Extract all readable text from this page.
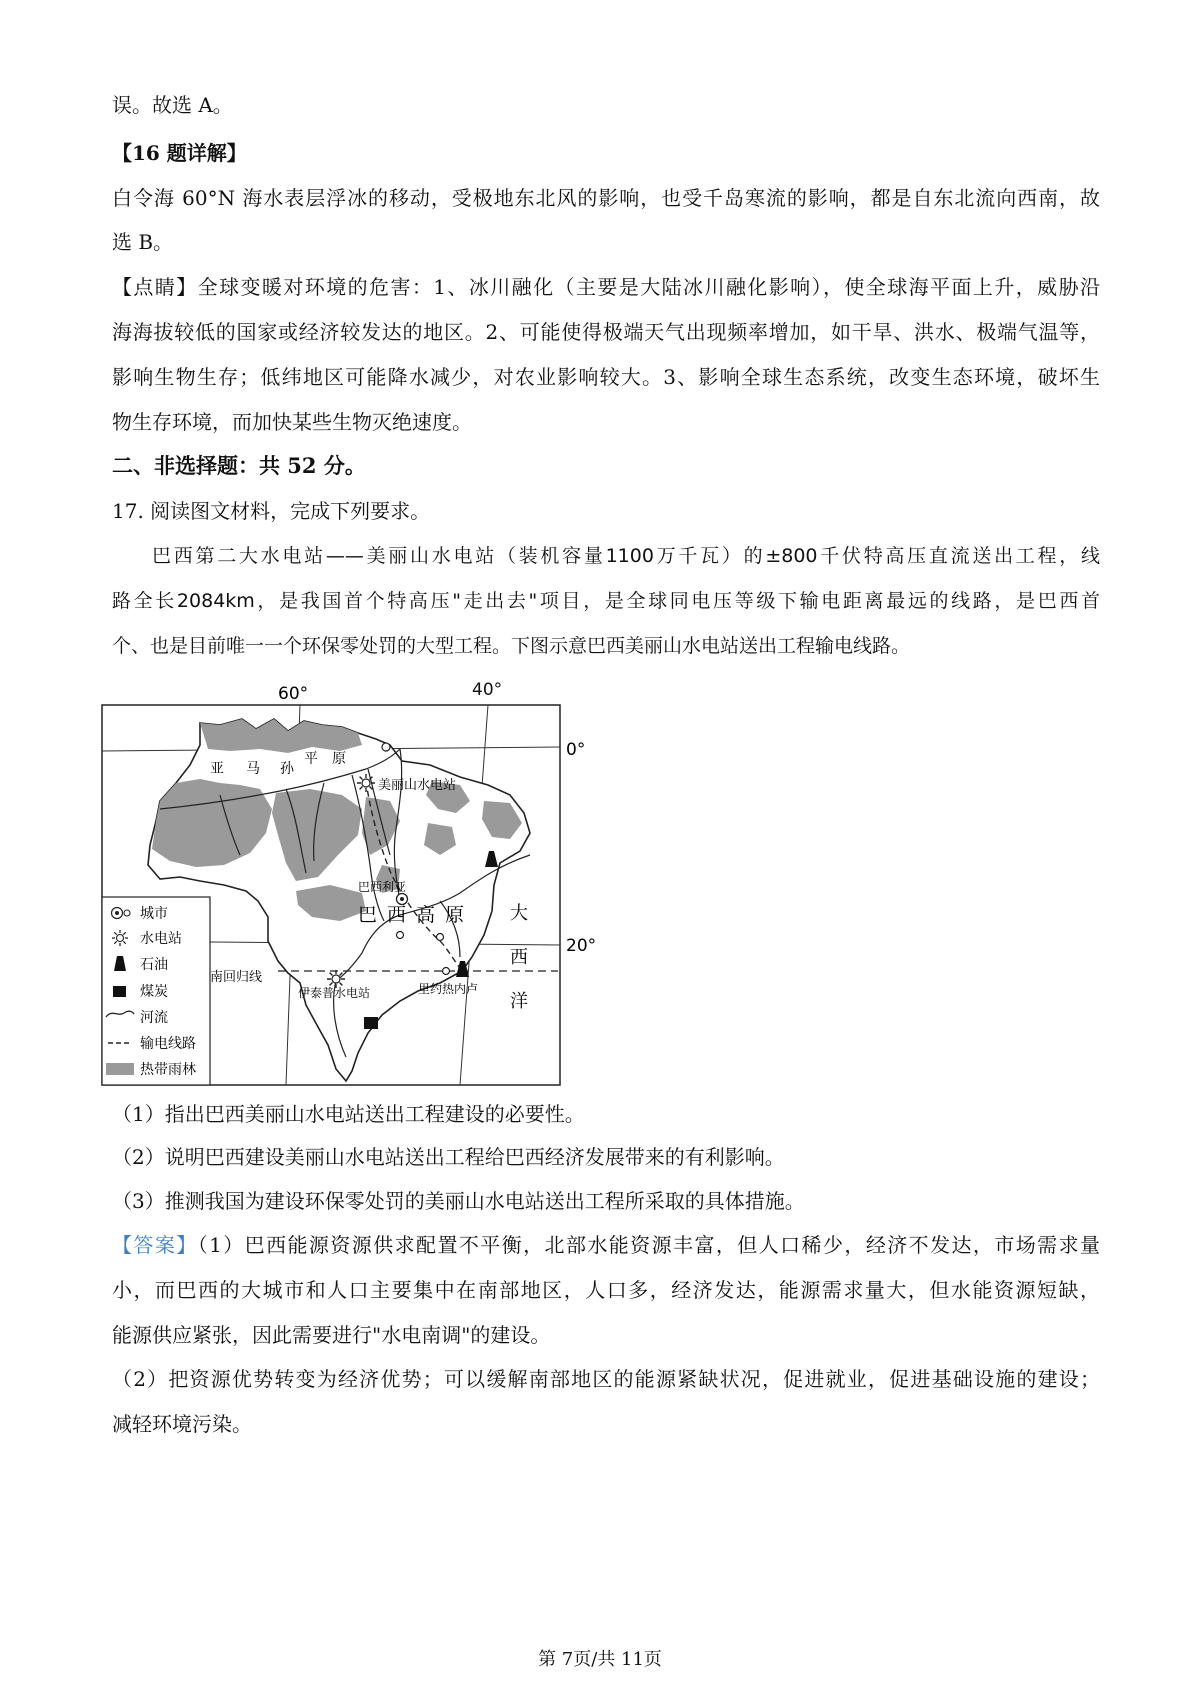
误。故选 A。
【16 题详解】
白令海 60°N 海水表层浮冰的移动，受极地东北风的影响，也受千岛寒流的影响，都是自东北流向西南，故
选 B。
【点睛】全球变暖对环境的危害：1、冰川融化（主要是大陆冰川融化影响），使全球海平面上升，威胁沿
海海拔较低的国家或经济较发达的地区。2、可能使得极端天气出现频率增加，如干旱、洪水、极端气温等，
影响生物生存；低纬地区可能降水减少，对农业影响较大。3、影响全球生态系统，改变生态环境，破坏生
物生存环境，而加快某些生物灭绝速度。
二、非选择题：共 52 分。
17. 阅读图文材料，完成下列要求。
巴西第二大水电站——美丽山水电站（装机容量1100万千瓦）的±800千伏特高压直流送出工程，线
路全长2084km，是我国首个特高压"走出去"项目，是全球同电压等级下输电距离最远的线路，是巴西首
个、也是目前唯一一个环保零处罚的大型工程。下图示意巴西美丽山水电站送出工程输电线路。
60°
亚 马 孙
平 原
美丽山水电站
巴西利亚
巴 西 高 原 大
西
洋
南回归线
伊泰普水电站	里约热内卢
0°
20°
城市
水电站
石油
煤炭
河流
输电线路
热带雨林
40°
（1）指出巴西美丽山水电站送出工程建设的必要性。
（2）说明巴西建设美丽山水电站送出工程给巴西经济发展带来的有利影响。
（3）推测我国为建设环保零处罚的美丽山水电站送出工程所采取的具体措施。
【答案】（1）巴西能源资源供求配置不平衡，北部水能资源丰富，但人口稀少，经济不发达，市场需求量
小，而巴西的大城市和人口主要集中在南部地区，人口多，经济发达，能源需求量大，但水能资源短缺，
能源供应紧张，因此需要进行"水电南调"的建设。
（2）把资源优势转变为经济优势；可以缓解南部地区的能源紧缺状况，促进就业，促进基础设施的建设；
减轻环境污染。
第 7页/共 11页
